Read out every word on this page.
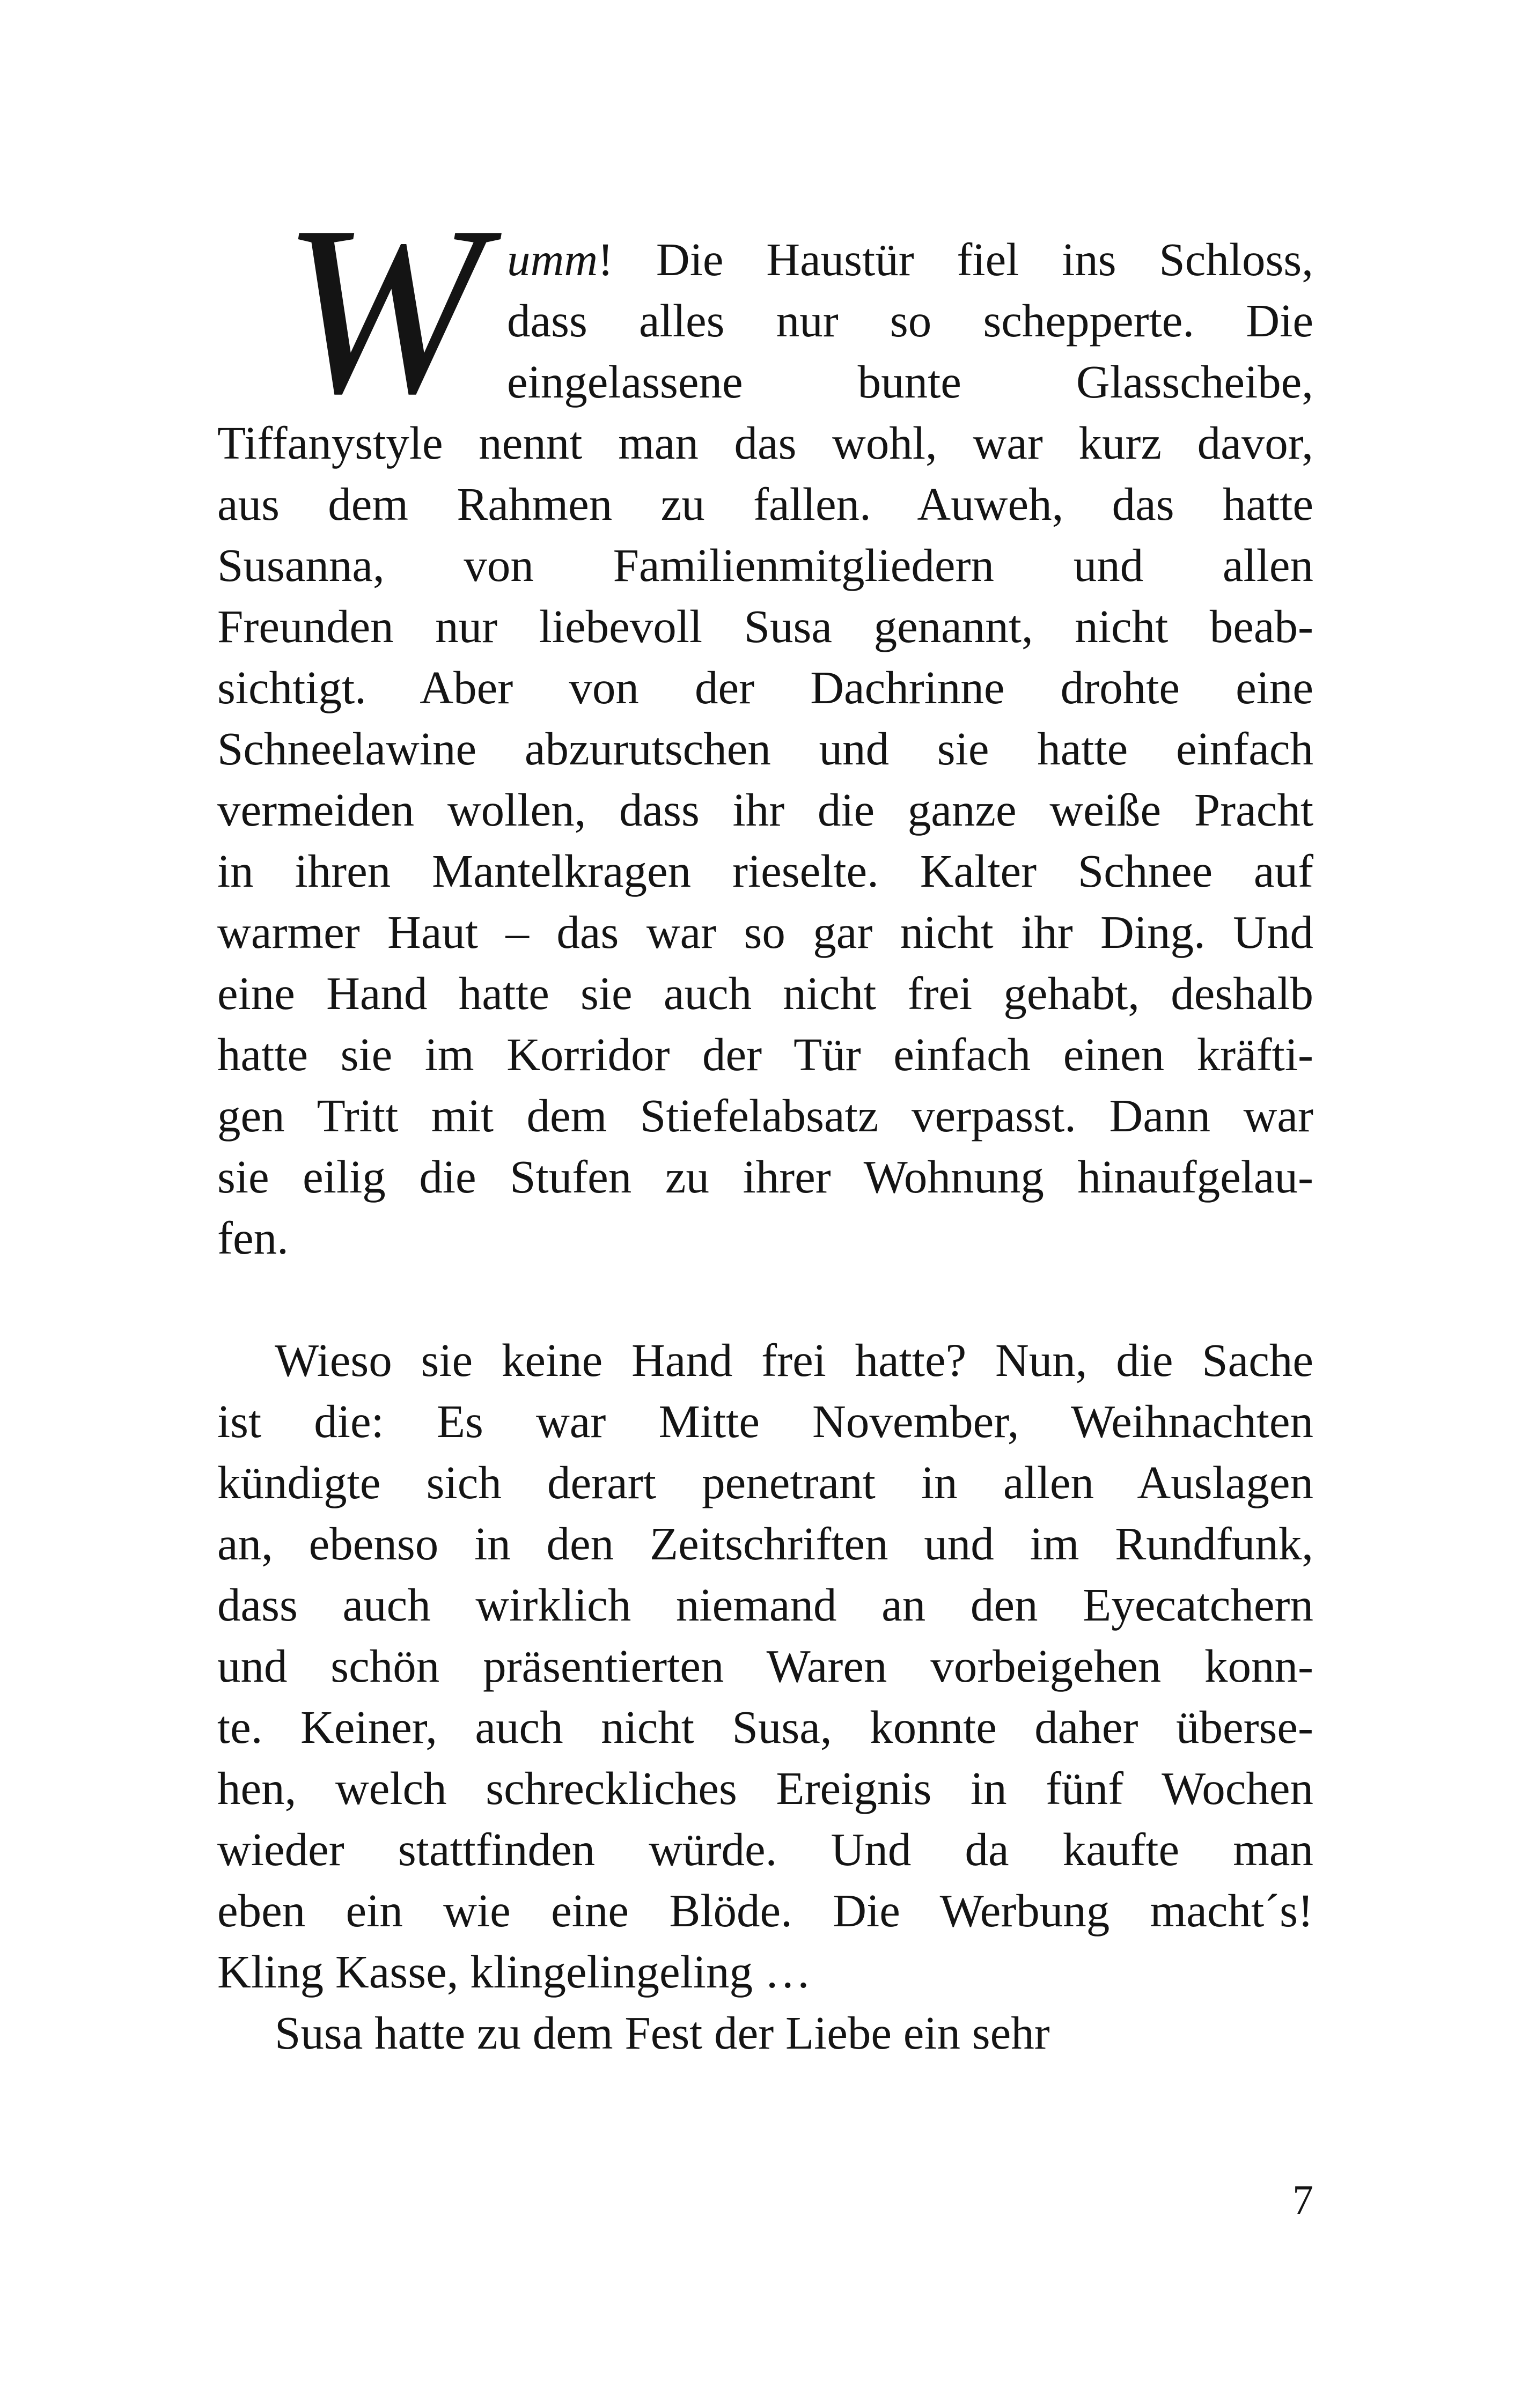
W umm! Die Haustür fiel ins Schloss,
dass alles nur so schepperte. Die
eingelassene bunte Glasscheibe,
Tiffanystyle nennt man das wohl, war kurz davor,
aus dem Rahmen zu fallen. Auweh, das hatte
Susanna, von Familienmitgliedern und allen
Freunden nur liebevoll Susa genannt, nicht beab-
sichtigt. Aber von der Dachrinne drohte eine
Schneelawine abzurutschen und sie hatte einfach
vermeiden wollen, dass ihr die ganze weiße Pracht
in ihren Mantelkragen rieselte. Kalter Schnee auf
warmer Haut – das war so gar nicht ihr Ding. Und
eine Hand hatte sie auch nicht frei gehabt, deshalb
hatte sie im Korridor der Tür einfach einen kräfti-
gen Tritt mit dem Stiefelabsatz verpasst. Dann war
sie eilig die Stufen zu ihrer Wohnung hinaufgelau-
fen.
Wieso sie keine Hand frei hatte? Nun, die Sache
ist die: Es war Mitte November, Weihnachten
kündigte sich derart penetrant in allen Auslagen
an, ebenso in den Zeitschriften und im Rundfunk,
dass auch wirklich niemand an den Eyecatchern
und schön präsentierten Waren vorbeigehen konn-
te. Keiner, auch nicht Susa, konnte daher überse-
hen, welch schreckliches Ereignis in fünf Wochen
wieder stattfinden würde. Und da kaufte man
eben ein wie eine Blöde. Die Werbung macht´s!
Kling Kasse, klingelingeling …
Susa hatte zu dem Fest der Liebe ein sehr
7
